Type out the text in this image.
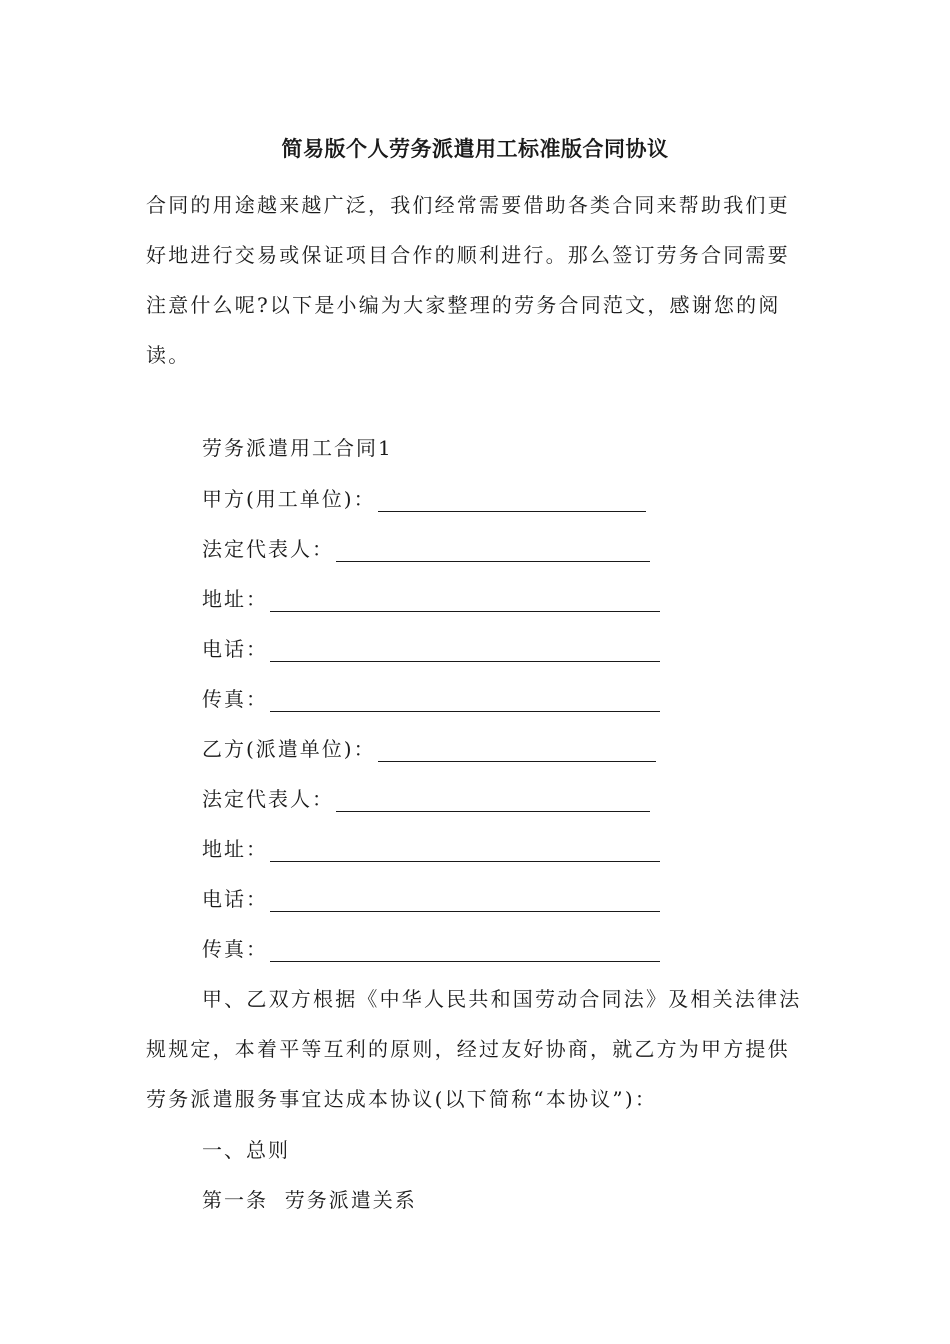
简易版个人劳务派遣用工标准版合同协议

合同的用途越来越广泛，我们经常需要借助各类合同来帮助我们更好地进行交易或保证项目合作的顺利进行。那么签订劳务合同需要注意什么呢?以下是小编为大家整理的劳务合同范文，感谢您的阅读。

劳务派遣用工合同1
甲方(用工单位)：
法定代表人：
地址：
电话：
传真：
乙方(派遣单位)：
法定代表人：
地址：
电话：
传真：

甲、乙双方根据《中华人民共和国劳动合同法》及相关法律法规规定，本着平等互利的原则，经过友好协商，就乙方为甲方提供劳务派遣服务事宜达成本协议(以下简称“本协议”)：

一、总则
第一条  劳务派遣关系
